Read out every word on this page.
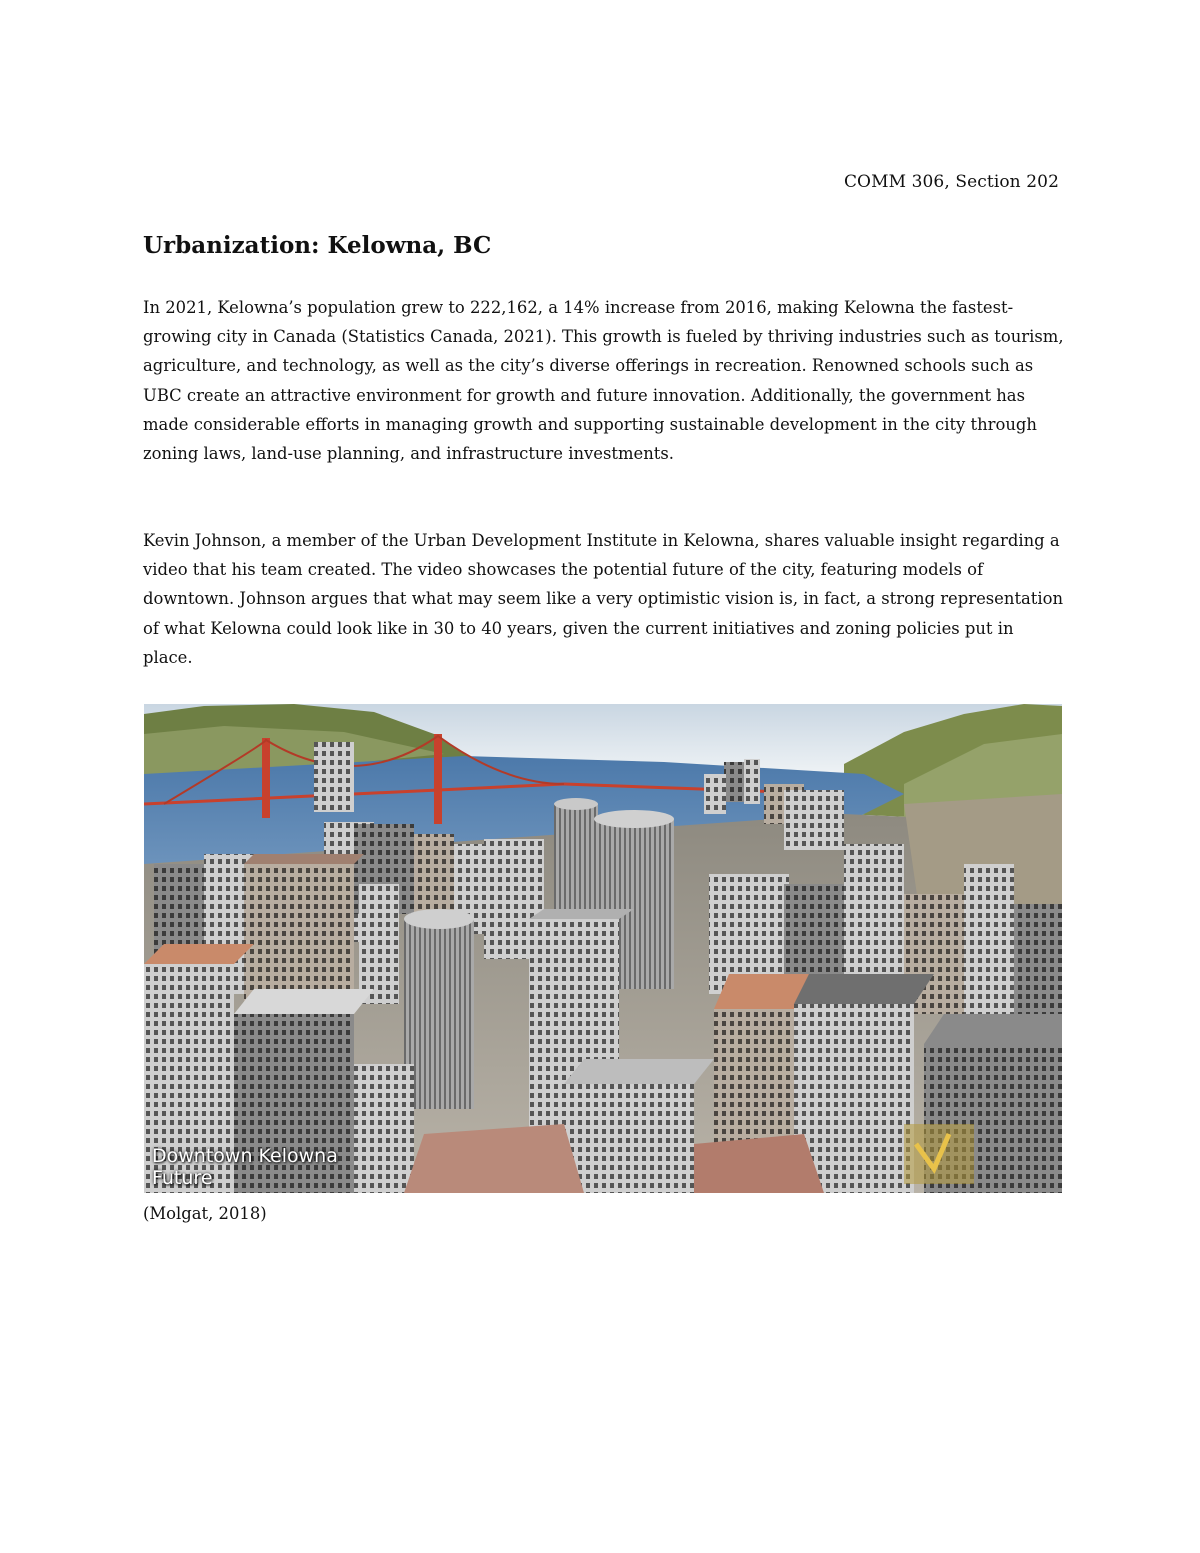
COMM 306, Section 202
Urbanization: Kelowna, BC

In 2021, Kelowna’s population grew to 222,162, a 14% increase from 2016, making Kelowna the fastest-growing city in Canada (Statistics Canada, 2021). This growth is fueled by thriving industries such as tourism, agriculture, and technology, as well as the city’s diverse offerings in recreation. Renowned schools such as UBC create an attractive environment for growth and future innovation. Additionally, the government has made considerable efforts in managing growth and supporting sustainable development in the city through zoning laws, land-use planning, and infrastructure investments.

Kevin Johnson, a member of the Urban Development Institute in Kelowna, shares valuable insight regarding a video that his team created. The video showcases the potential future of the city, featuring models of downtown. Johnson argues that what may seem like a very optimistic vision is, in fact, a strong representation of what Kelowna could look like in 30 to 40 years, given the current initiatives and zoning policies put in place.

Downtown Kelowna
Future
(Molgat, 2018)
